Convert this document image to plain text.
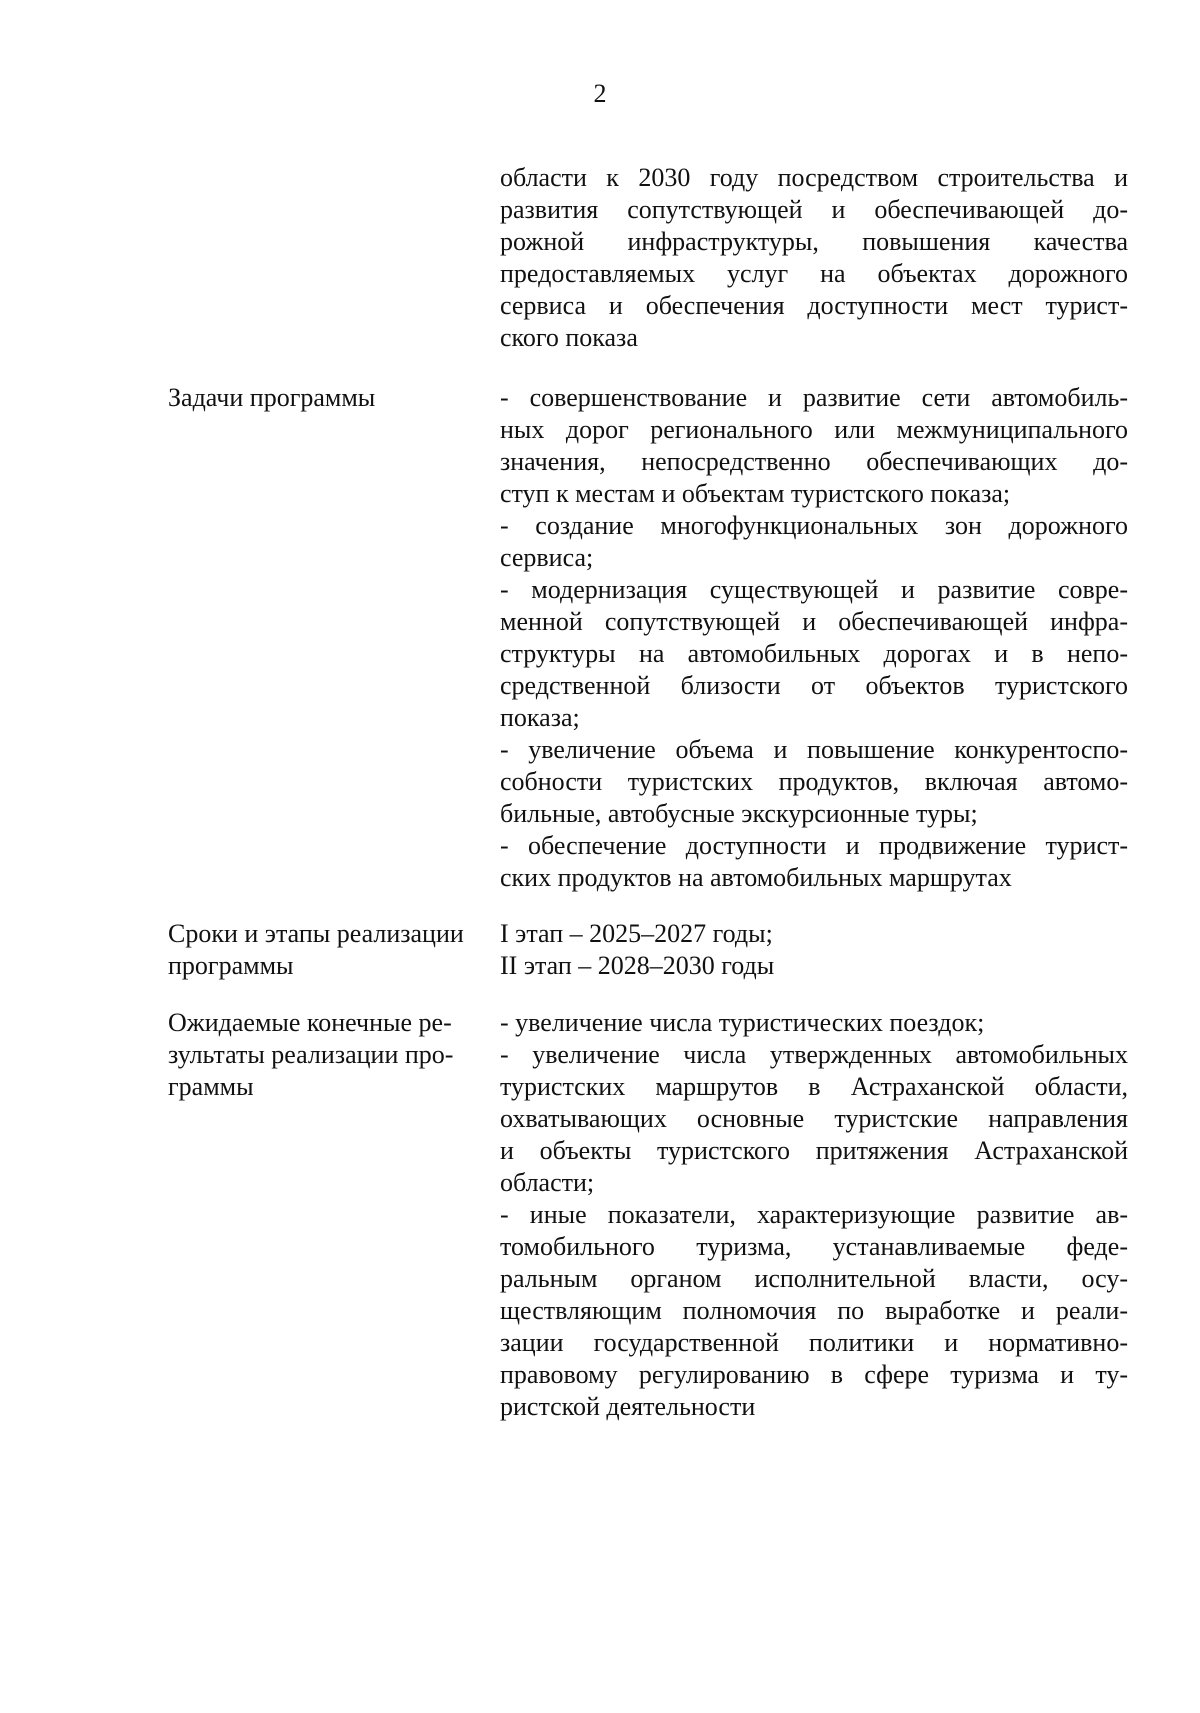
2
области к 2030 году посредством строительства и
развития сопутствующей и обеспечивающей до-
рожной инфраструктуры, повышения качества
предоставляемых услуг на объектах дорожного
сервиса и обеспечения доступности мест турист-
ского показа
Задачи программы	- совершенствование и развитие сети автомобиль-
ных дорог регионального или межмуниципального
значения, непосредственно обеспечивающих до-
ступ к местам и объектам туристского показа;
- создание многофункциональных зон дорожного
сервиса;
- модернизация существующей и развитие совре-
менной сопутствующей и обеспечивающей инфра-
структуры на автомобильных дорогах и в непо-
средственной близости от объектов туристского
показа;
- увеличение объема и повышение конкурентоспо-
собности туристских продуктов, включая автомо-
бильные, автобусные экскурсионные туры;
- обеспечение доступности и продвижение турист-
ских продуктов на автомобильных маршрутах
Сроки и этапы реализации
программы
I этап – 2025–2027 годы;
II этап – 2028–2030 годы
Ожидаемые конечные ре-
зультаты реализации про-
граммы
- увеличение числа туристических поездок;
- увеличение числа утвержденных автомобильных
туристских маршрутов в Астраханской области,
охватывающих основные туристские направления
и объекты туристского притяжения Астраханской
области;
- иные показатели, характеризующие развитие ав-
томобильного туризма, устанавливаемые феде-
ральным органом исполнительной власти, осу-
ществляющим полномочия по выработке и реали-
зации государственной политики и нормативно-
правовому регулированию в сфере туризма и ту-
ристской деятельности
